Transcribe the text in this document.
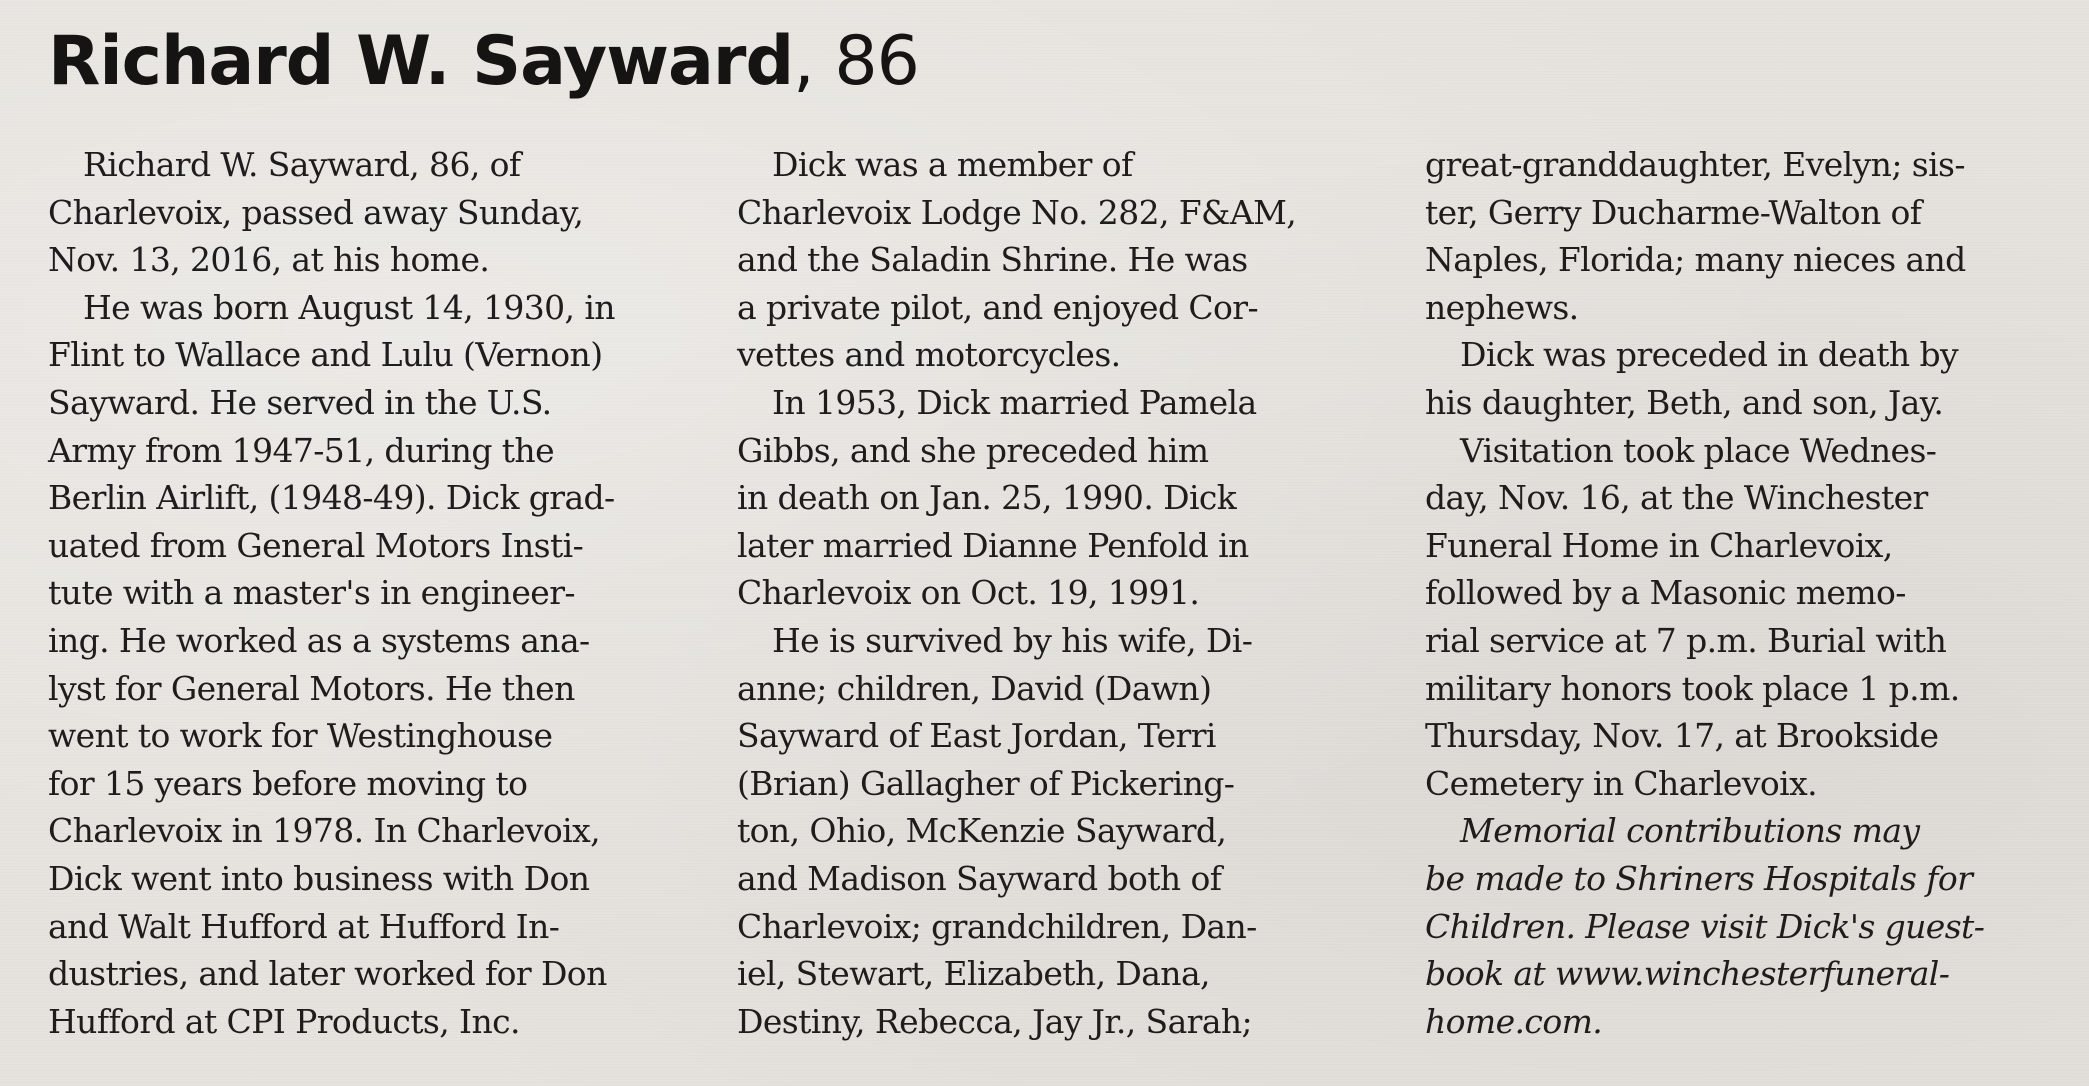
Richard W. Sayward, 86
Richard W. Sayward, 86, of
Charlevoix, passed away Sunday,
Nov. 13, 2016, at his home.
He was born August 14, 1930, in
Flint to Wallace and Lulu (Vernon)
Sayward. He served in the U.S.
Army from 1947-51, during the
Berlin Airlift, (1948-49). Dick grad-
uated from General Motors Insti-
tute with a master's in engineer-
ing. He worked as a systems ana-
lyst for General Motors. He then
went to work for Westinghouse
for 15 years before moving to
Charlevoix in 1978. In Charlevoix,
Dick went into business with Don
and Walt Hufford at Hufford In-
dustries, and later worked for Don
Hufford at CPI Products, Inc.
Dick was a member of
Charlevoix Lodge No. 282, F&AM,
and the Saladin Shrine. He was
a private pilot, and enjoyed Cor-
vettes and motorcycles.
In 1953, Dick married Pamela
Gibbs, and she preceded him
in death on Jan. 25, 1990. Dick
later married Dianne Penfold in
Charlevoix on Oct. 19, 1991.
He is survived by his wife, Di-
anne; children, David (Dawn)
Sayward of East Jordan, Terri
(Brian) Gallagher of Pickering-
ton, Ohio, McKenzie Sayward,
and Madison Sayward both of
Charlevoix; grandchildren, Dan-
iel, Stewart, Elizabeth, Dana,
Destiny, Rebecca, Jay Jr., Sarah;
great-granddaughter, Evelyn; sis-
ter, Gerry Ducharme-Walton of
Naples, Florida; many nieces and
nephews.
Dick was preceded in death by
his daughter, Beth, and son, Jay.
Visitation took place Wednes-
day, Nov. 16, at the Winchester
Funeral Home in Charlevoix,
followed by a Masonic memo-
rial service at 7 p.m. Burial with
military honors took place 1 p.m.
Thursday, Nov. 17, at Brookside
Cemetery in Charlevoix.
Memorial contributions may
be made to Shriners Hospitals for
Children. Please visit Dick's guest-
book at www.winchesterfuneral-
home.com.
